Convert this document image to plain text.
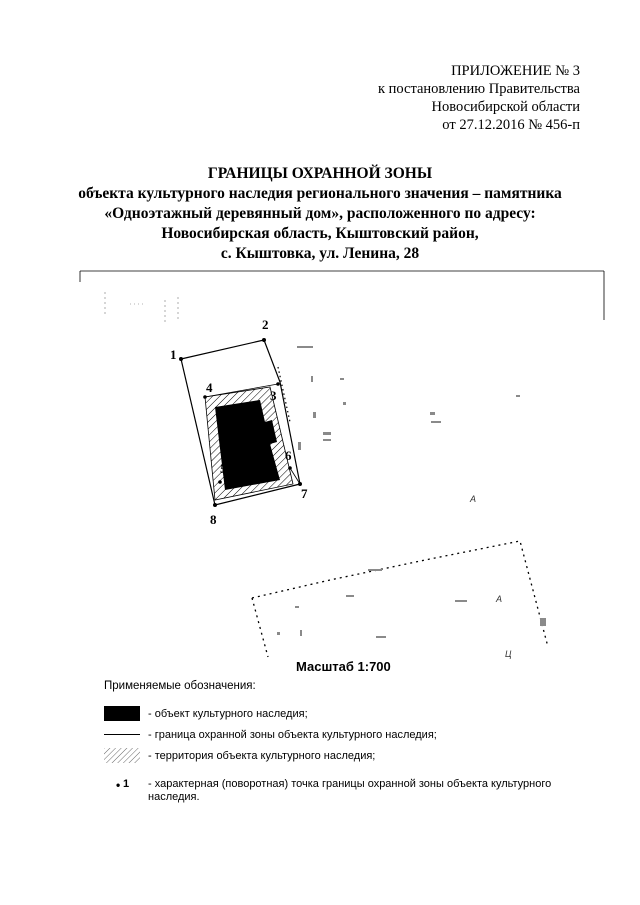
ПРИЛОЖЕНИЕ № 3
к постановлению Правительства
Новосибирской области
от 27.12.2016 № 456-п
ГРАНИЦЫ ОХРАННОЙ ЗОНЫ
объекта культурного наследия регионального значения – памятника
«Одноэтажный деревянный дом», расположенного по адресу:
Новосибирская область, Кыштовский район,
с. Кыштовка, ул. Ленина, 28
1
2
3
4
5
6
7
8
А
А
Ц
Масштаб 1:700
Применяемые обозначения:
- объект культурного наследия;
- граница охранной зоны объекта культурного наследия;
- территория объекта культурного наследия;
• 1 - характерная (поворотная) точка границы охранной зоны объекта культурного наследия.
